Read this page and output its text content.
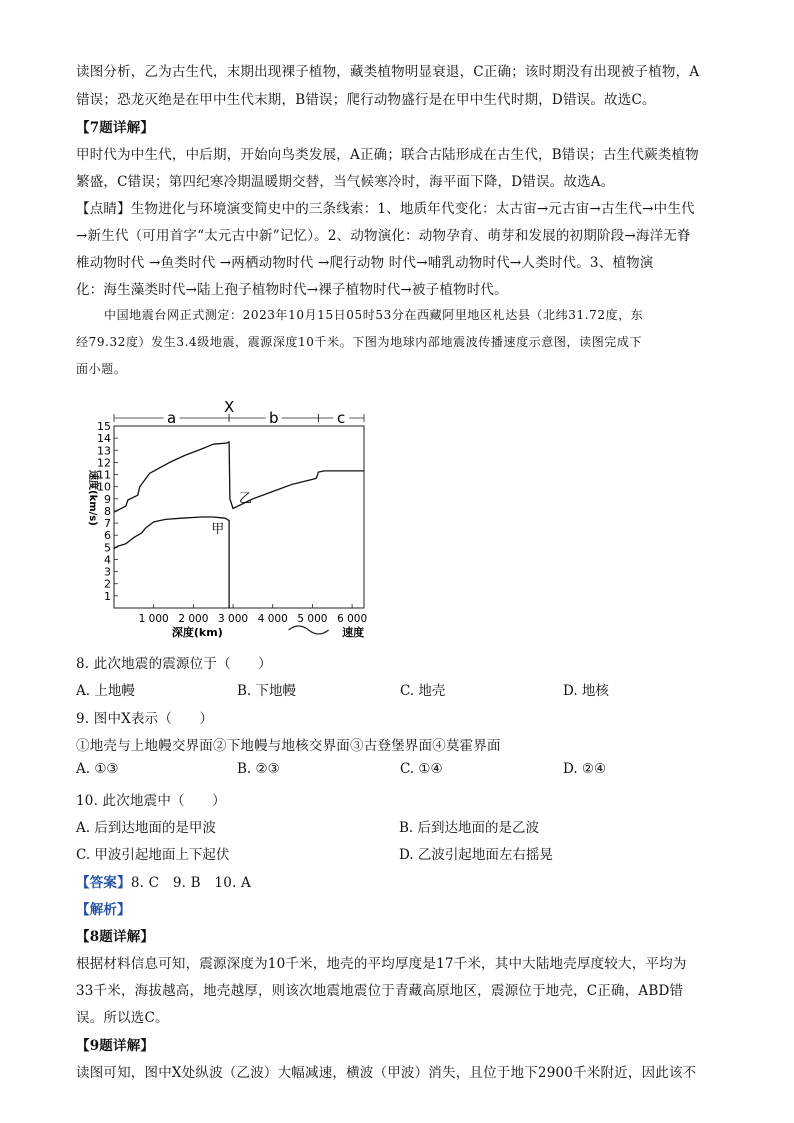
读图分析，乙为古生代，末期出现裸子植物，藏类植物明显衰退，C正确；该时期没有出现被子植物，A
错误；恐龙灭绝是在甲中生代末期，B错误；爬行动物盛行是在甲中生代时期，D错误。故选C。
【7题详解】
甲时代为中生代，中后期，开始向鸟类发展，A正确；联合古陆形成在古生代，B错误；古生代蕨类植物
繁盛，C错误；第四纪寒冷期温暖期交替，当气候寒冷时，海平面下降，D错误。故选A。
【点睛】生物进化与环境演变简史中的三条线索：1、地质年代变化：太古宙→元古宙→古生代→中生代
→新生代（可用首字“太元古中新”记忆）。2、动物演化：动物孕育、萌芽和发展的初期阶段→海洋无脊
椎动物时代 →鱼类时代 →两栖动物时代 →爬行动物 时代→哺乳动物时代→人类时代。3、植物演
化：海生藻类时代→陆上孢子植物时代→裸子植物时代→被子植物时代。
中国地震台网正式测定：2023年10月15日05时53分在西藏阿里地区札达县（北纬31.72度，东
经79.32度）发生3.4级地震，震源深度10千米。下图为地球内部地震波传播速度示意图，读图完成下
面小题。
1
2
3
4
5
6
7
8
9
10
11
12
13
14
15
1 000 2 000 3 000 4 000 5 000 6 000
速度(km/s)
深度(km)	速度
a	b	c
X
乙
甲
8. 此次地震的震源位于（　　）
A. 上地幔	B. 下地幔	C. 地壳	D. 地核
9. 图中X表示（　　）
①地壳与上地幔交界面②下地幔与地核交界面③古登堡界面④莫霍界面
A. ①③	B. ②③	C. ①④	D. ②④
10. 此次地震中（　　）
A. 后到达地面的是甲波	B. 后到达地面的是乙波
C. 甲波引起地面上下起伏	D. 乙波引起地面左右摇晃
【答案】8. C　9. B　10. A
【解析】
【8题详解】
根据材料信息可知，震源深度为10千米，地壳的平均厚度是17千米，其中大陆地壳厚度较大，平均为
33千米，海拔越高，地壳越厚，则该次地震地震位于青藏高原地区，震源位于地壳，C正确，ABD错
误。所以选C。
【9题详解】
读图可知，图中X处纵波（乙波）大幅减速，横波（甲波）消失，且位于地下2900千米附近，因此该不
